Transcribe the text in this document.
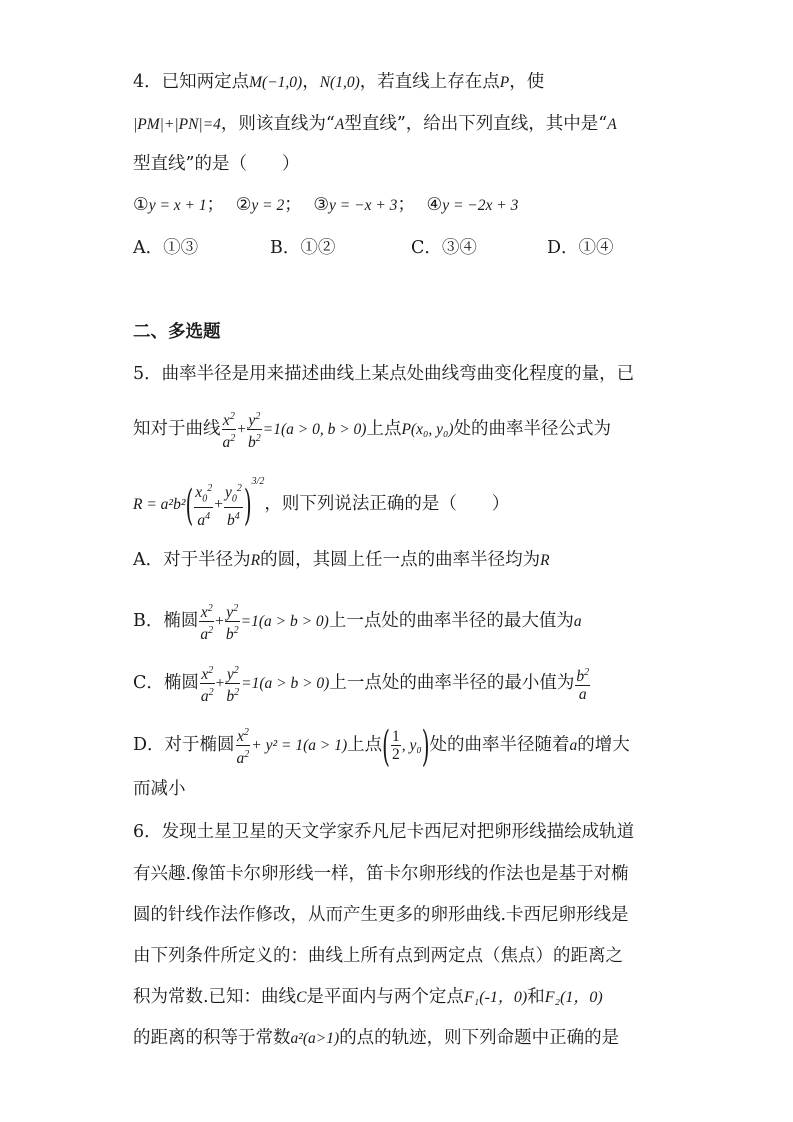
4．已知两定点M(−1,0)，N(1,0)，若直线上存在点P，使
|PM|+|PN|=4，则该直线为“A型直线”，给出下列直线，其中是“A
型直线”的是（　　）
①y = x + 1； ②y = 2； ③y = −x + 3； ④y = −2x + 3
A．①③	B．①②	C．③④	D．①④
二、多选题
5．曲率半径是用来描述曲线上某点处曲线弯曲变化程度的量，已
知对于曲线 $\frac{x^2}{a^2} + \frac{y^2}{b^2} =1(a > 0$, b > 0)上点P(x₀, y₀)处的曲率半径公式为
$R = a^2b^2( \frac{x_0^2}{a^4} + \frac{y_0^2}{b^4} )^{3/2}$，则下列说法正确的是（　　）
A．对于半径为R的圆，其圆上任一点的曲率半径均为R
B．椭圆 $\frac{x^2}{a^2} + \frac{y^2}{b^2} =1(a > b > 0)$上一点处的曲率半径的最大值为a
C．椭圆 $\frac{x^2}{a^2} + \frac{y^2}{b^2} =1(a > b > 0)$上一点处的曲率半径的最小值为 $\frac{b^2}{a}$
D．对于椭圆 $\frac{x^2}{a^2} + y^2 = 1(a > 1)$上点( $\frac{1}{2}$ , y₀)处的曲率半径随着a的增大
而减小
6．发现土星卫星的天文学家乔凡尼卡西尼对把卵形线描绘成轨道
有兴趣.像笛卡尔卵形线一样，笛卡尔卵形线的作法也是基于对椭
圆的针线作法作修改，从而产生更多的卵形曲线.卡西尼卵形线是
由下列条件所定义的：曲线上所有点到两定点（焦点）的距离之
积为常数.已知：曲线C是平面内与两个定点F₁(-1，0)和F₂(1，0)
的距离的积等于常数a²(a>1)的点的轨迹，则下列命题中正确的是
